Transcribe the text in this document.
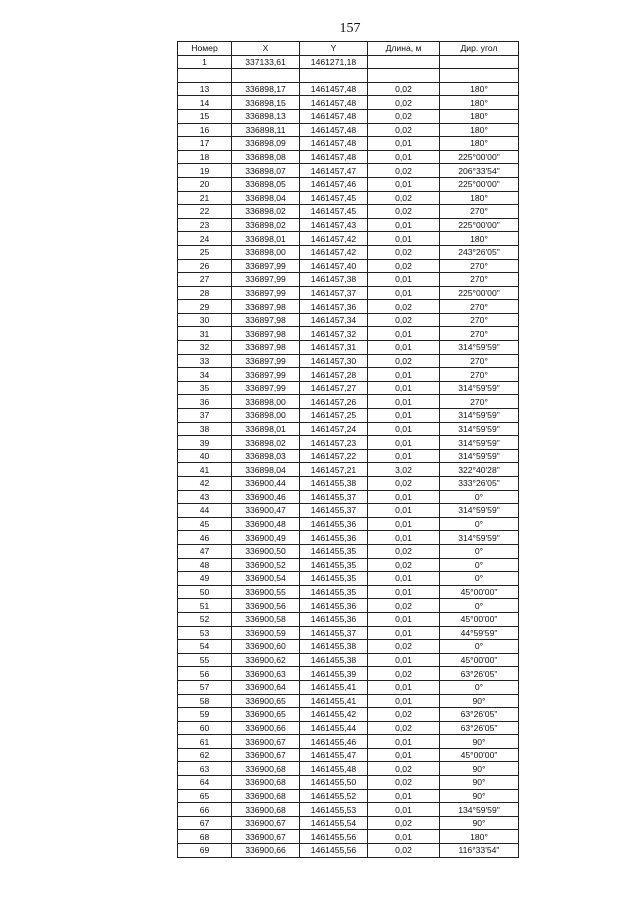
157
Номер	X	Y	Длина, м	Дир. угол
1	337133,61	1461271,18		

13	336898,17	1461457,48	0,02	180°
14	336898,15	1461457,48	0,02	180°
15	336898,13	1461457,48	0,02	180°
16	336898,11	1461457,48	0,02	180°
17	336898,09	1461457,48	0,01	180°
18	336898,08	1461457,48	0,01	225°00'00"
19	336898,07	1461457,47	0,02	206°33'54"
20	336898,05	1461457,46	0,01	225°00'00"
21	336898,04	1461457,45	0,02	180°
22	336898,02	1461457,45	0,02	270°
23	336898,02	1461457,43	0,01	225°00'00"
24	336898,01	1461457,42	0,01	180°
25	336898,00	1461457,42	0,02	243°26'05"
26	336897,99	1461457,40	0,02	270°
27	336897,99	1461457,38	0,01	270°
28	336897,99	1461457,37	0,01	225°00'00"
29	336897,98	1461457,36	0,02	270°
30	336897,98	1461457,34	0,02	270°
31	336897,98	1461457,32	0,01	270°
32	336897,98	1461457,31	0,01	314°59'59"
33	336897,99	1461457,30	0,02	270°
34	336897,99	1461457,28	0,01	270°
35	336897,99	1461457,27	0,01	314°59'59"
36	336898,00	1461457,26	0,01	270°
37	336898,00	1461457,25	0,01	314°59'59"
38	336898,01	1461457,24	0,01	314°59'59"
39	336898,02	1461457,23	0,01	314°59'59"
40	336898,03	1461457,22	0,01	314°59'59"
41	336898,04	1461457,21	3,02	322°40'28"
42	336900,44	1461455,38	0,02	333°26'05"
43	336900,46	1461455,37	0,01	0°
44	336900,47	1461455,37	0,01	314°59'59"
45	336900,48	1461455,36	0,01	0°
46	336900,49	1461455,36	0,01	314°59'59"
47	336900,50	1461455,35	0,02	0°
48	336900,52	1461455,35	0,02	0°
49	336900,54	1461455,35	0,01	0°
50	336900,55	1461455,35	0,01	45°00'00"
51	336900,56	1461455,36	0,02	0°
52	336900,58	1461455,36	0,01	45°00'00"
53	336900,59	1461455,37	0,01	44°59'59"
54	336900,60	1461455,38	0,02	0°
55	336900,62	1461455,38	0,01	45°00'00"
56	336900,63	1461455,39	0,02	63°26'05"
57	336900,64	1461455,41	0,01	0°
58	336900,65	1461455,41	0,01	90°
59	336900,65	1461455,42	0,02	63°26'05"
60	336900,66	1461455,44	0,02	63°26'05"
61	336900,67	1461455,46	0,01	90°
62	336900,67	1461455,47	0,01	45°00'00"
63	336900,68	1461455,48	0,02	90°
64	336900,68	1461455,50	0,02	90°
65	336900,68	1461455,52	0,01	90°
66	336900,68	1461455,53	0,01	134°59'59"
67	336900,67	1461455,54	0,02	90°
68	336900,67	1461455,56	0,01	180°
69	336900,66	1461455,56	0,02	116°33'54"
